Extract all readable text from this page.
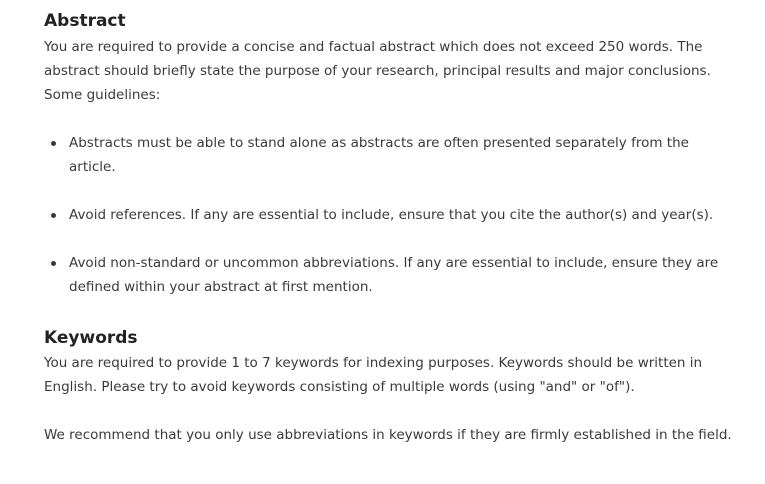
Abstract

You are required to provide a concise and factual abstract which does not exceed 250 words. The abstract should briefly state the purpose of your research, principal results and major conclusions. Some guidelines:

Abstracts must be able to stand alone as abstracts are often presented separately from the article.
Avoid references. If any are essential to include, ensure that you cite the author(s) and year(s).
Avoid non-standard or uncommon abbreviations. If any are essential to include, ensure they are defined within your abstract at first mention.
Keywords

You are required to provide 1 to 7 keywords for indexing purposes. Keywords should be written in English. Please try to avoid keywords consisting of multiple words (using "and" or "of").

We recommend that you only use abbreviations in keywords if they are firmly established in the field.
